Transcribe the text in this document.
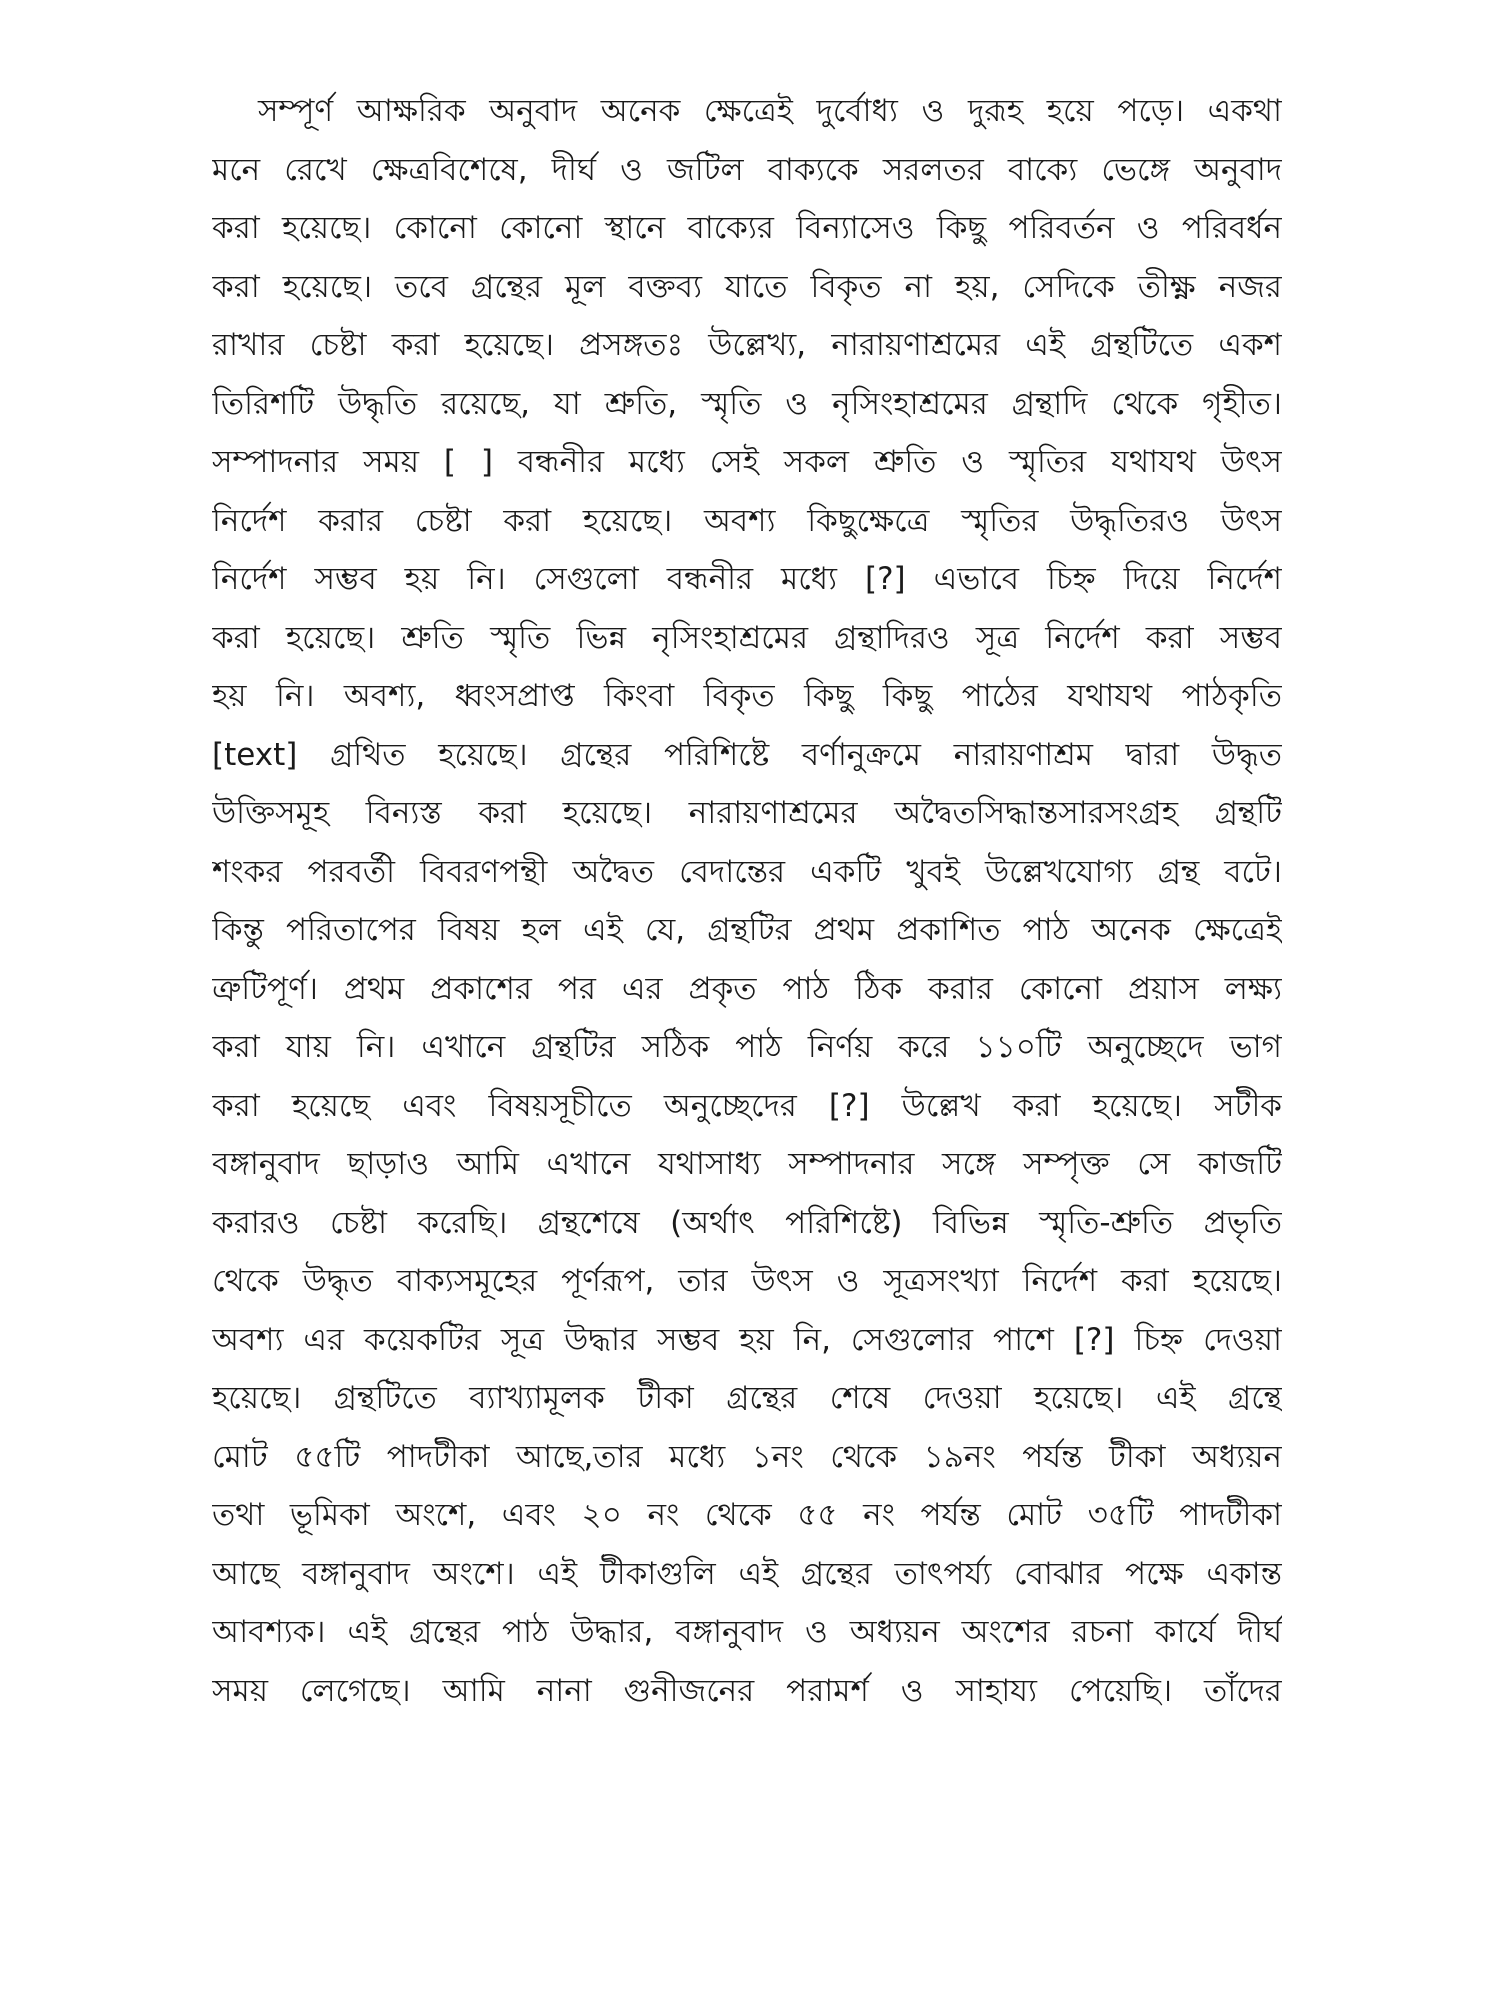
সম্পূর্ণ আক্ষরিক অনুবাদ অনেক ক্ষেত্রেই দুর্বোধ্য ও দুরূহ হয়ে পড়ে। একথা
মনে রেখে ক্ষেত্রবিশেষে, দীর্ঘ ও জটিল বাক্যকে সরলতর বাক্যে ভেঙ্গে অনুবাদ
করা হয়েছে। কোনো কোনো স্থানে বাক্যের বিন্যাসেও কিছু পরিবর্তন ও পরিবর্ধন
করা হয়েছে। তবে গ্রন্থের মূল বক্তব্য যাতে বিকৃত না হয়, সেদিকে তীক্ষ্ণ নজর
রাখার চেষ্টা করা হয়েছে। প্রসঙ্গতঃ উল্লেখ্য, নারায়ণাশ্রমের এই গ্রন্থটিতে একশ
তিরিশটি উদ্ধৃতি রয়েছে, যা শ্রুতি, স্মৃতি ও নৃসিংহাশ্রমের গ্রন্থাদি থেকে গৃহীত।
সম্পাদনার সময় [ ] বন্ধনীর মধ্যে সেই সকল শ্রুতি ও স্মৃতির যথাযথ উৎস
নির্দেশ করার চেষ্টা করা হয়েছে। অবশ্য কিছুক্ষেত্রে স্মৃতির উদ্ধৃতিরও উৎস
নির্দেশ সম্ভব হয় নি। সেগুলো বন্ধনীর মধ্যে [?] এভাবে চিহ্ন দিয়ে নির্দেশ
করা হয়েছে। শ্রুতি স্মৃতি ভিন্ন নৃসিংহাশ্রমের গ্রন্থাদিরও সূত্র নির্দেশ করা সম্ভব
হয় নি। অবশ্য, ধ্বংসপ্রাপ্ত কিংবা বিকৃত কিছু কিছু পাঠের যথাযথ পাঠকৃতি
[text] গ্রথিত হয়েছে। গ্রন্থের পরিশিষ্টে বর্ণানুক্রমে নারায়ণাশ্রম দ্বারা উদ্ধৃত
উক্তিসমূহ বিন্যস্ত করা হয়েছে। নারায়ণাশ্রমের অদ্বৈতসিদ্ধান্তসারসংগ্রহ গ্রন্থটি
শংকর পরবর্তী বিবরণপন্থী অদ্বৈত বেদান্তের একটি খুবই উল্লেখযোগ্য গ্রন্থ বটে।
কিন্তু পরিতাপের বিষয় হল এই যে, গ্রন্থটির প্রথম প্রকাশিত পাঠ অনেক ক্ষেত্রেই
ত্রুটিপূর্ণ। প্রথম প্রকাশের পর এর প্রকৃত পাঠ ঠিক করার কোনো প্রয়াস লক্ষ্য
করা যায় নি। এখানে গ্রন্থটির সঠিক পাঠ নির্ণয় করে ১১০টি অনুচ্ছেদে ভাগ
করা হয়েছে এবং বিষয়সূচীতে অনুচ্ছেদের [?] উল্লেখ করা হয়েছে। সটীক
বঙ্গানুবাদ ছাড়াও আমি এখানে যথাসাধ্য সম্পাদনার সঙ্গে সম্পৃক্ত সে কাজটি
করারও চেষ্টা করেছি। গ্রন্থশেষে (অর্থাৎ পরিশিষ্টে) বিভিন্ন স্মৃতি-শ্রুতি প্রভৃতি
থেকে উদ্ধৃত বাক্যসমূহের পূর্ণরূপ, তার উৎস ও সূত্রসংখ্যা নির্দেশ করা হয়েছে।
অবশ্য এর কয়েকটির সূত্র উদ্ধার সম্ভব হয় নি, সেগুলোর পাশে [?] চিহ্ন দেওয়া
হয়েছে। গ্রন্থটিতে ব্যাখ্যামূলক টীকা গ্রন্থের শেষে দেওয়া হয়েছে। এই গ্রন্থে
মোট ৫৫টি পাদটীকা আছে,তার মধ্যে ১নং থেকে ১৯নং পর্যন্ত টীকা অধ্যয়ন
তথা ভূমিকা অংশে, এবং ২০ নং থেকে ৫৫ নং পর্যন্ত মোট ৩৫টি পাদটীকা
আছে বঙ্গানুবাদ অংশে। এই টীকাগুলি এই গ্রন্থের তাৎপর্য্য বোঝার পক্ষে একান্ত
আবশ্যক। এই গ্রন্থের পাঠ উদ্ধার, বঙ্গানুবাদ ও অধ্যয়ন অংশের রচনা কার্যে দীর্ঘ
সময় লেগেছে। আমি নানা গুনীজনের পরামর্শ ও সাহায্য পেয়েছি। তাঁদের
